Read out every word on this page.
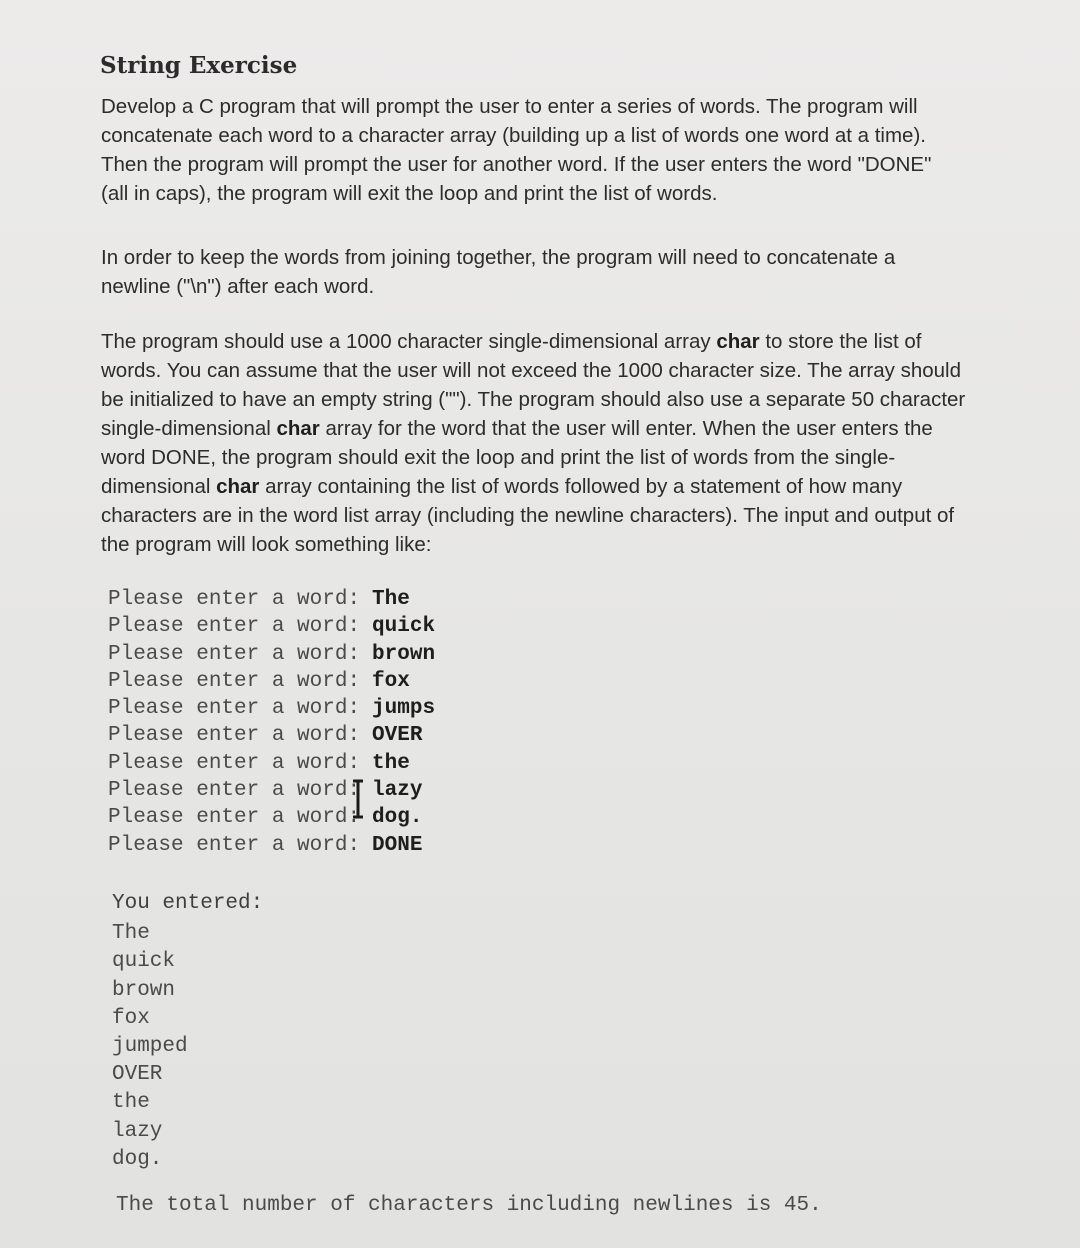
String Exercise

Develop a C program that will prompt the user to enter a series of words. The program will
concatenate each word to a character array (building up a list of words one word at a time).
Then the program will prompt the user for another word. If the user enters the word "DONE"
(all in caps), the program will exit the loop and print the list of words.

In order to keep the words from joining together, the program will need to concatenate a
newline ("\n") after each word.

The program should use a 1000 character single-dimensional array char to store the list of
words. You can assume that the user will not exceed the 1000 character size. The array should
be initialized to have an empty string (""). The program should also use a separate 50 character
single-dimensional char array for the word that the user will enter. When the user enters the
word DONE, the program should exit the loop and print the list of words from the single-
dimensional char array containing the list of words followed by a statement of how many
characters are in the word list array (including the newline characters). The input and output of
the program will look something like:

Please enter a word: The
Please enter a word: quick
Please enter a word: brown
Please enter a word: fox
Please enter a word: jumps
Please enter a word: OVER
Please enter a word: the
Please enter a word: lazy
Please enter a word: dog.
Please enter a word: DONE
You entered:
The
quick
brown
fox
jumped
OVER
the
lazy
dog.
The total number of characters including newlines is 45.
